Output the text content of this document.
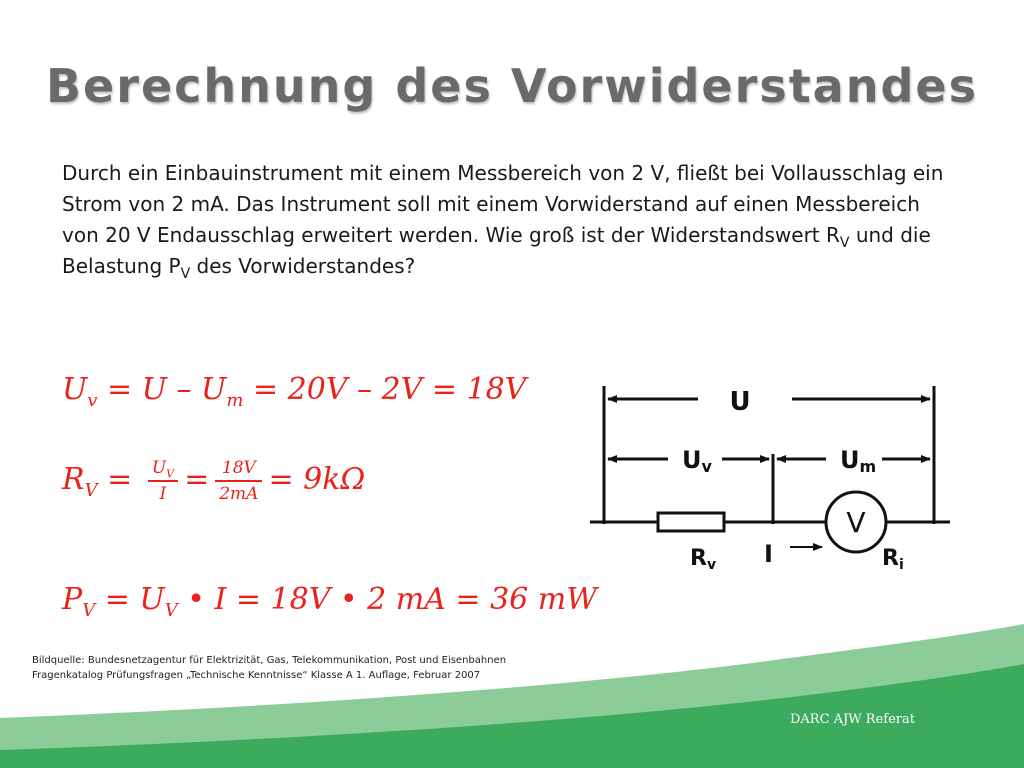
Berechnung des Vorwiderstandes

Durch ein Einbauinstrument mit einem Messbereich von 2 V, fließt bei Vollausschlag ein Strom von 2 mA. Das Instrument soll mit einem Vorwiderstand auf einen Messbereich von 20 V Endausschlag erweitert werden. Wie groß ist der Widerstandswert $R_V$ und die Belastung $P_V$ des Vorwiderstandes?

$U_v = U - U_m = 20V - 2V = 18V$
$R_V = \frac{U_V}{I} = \frac{18V}{2mA} = 9k\Omega$
$P_V = U_V$ • I = 18V • 2 mA = 36 mW
U
Uv	Um
V
Rv I	Ri
Bildquelle: Bundesnetzagentur für Elektrizität, Gas, Telekommunikation, Post und Eisenbahnen
Fragenkatalog Prüfungsfragen „Technische Kenntnisse“ Klasse A 1. Auflage, Februar 2007
DARC AJW Referat
